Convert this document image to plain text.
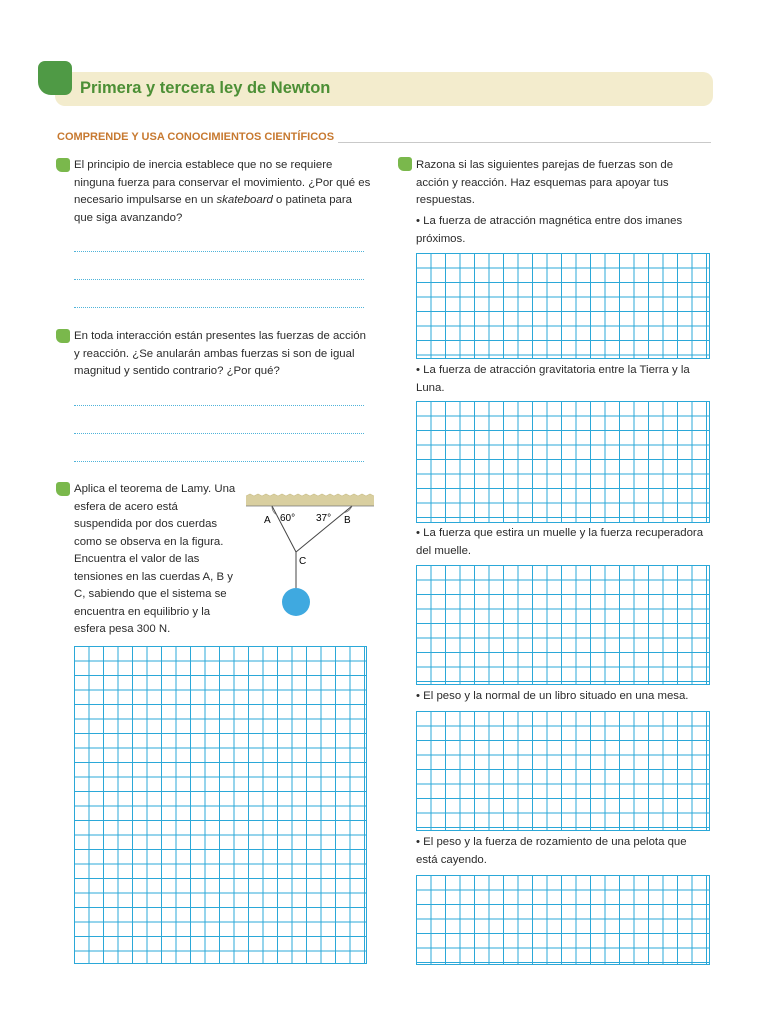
Primera y tercera ley de Newton
COMPRENDE Y USA CONOCIMIENTOS CIENTÍFICOS
El principio de inercia establece que no se requiere ninguna fuerza para conservar el movimiento. ¿Por qué es necesario impulsarse en un skateboard o patineta para que siga avanzando?
En toda interacción están presentes las fuerzas de acción y reacción. ¿Se anularán ambas fuerzas si son de igual magnitud y sentido contrario? ¿Por qué?
Aplica el teorema de Lamy. Una esfera de acero está suspendida por dos cuerdas como se observa en la figura. Encuentra el valor de las tensiones en las cuerdas A, B y C, sabiendo que el sistema se encuentra en equilibrio y la esfera pesa 300 N.
A 60° 37° B
C
Razona si las siguientes parejas de fuerzas son de acción y reacción. Haz esquemas para apoyar tus respuestas.
• La fuerza de atracción magnética entre dos imanes próximos.
• La fuerza de atracción gravitatoria entre la Tierra y la Luna.
• La fuerza que estira un muelle y la fuerza recuperadora del muelle.
• El peso y la normal de un libro situado en una mesa.
• El peso y la fuerza de rozamiento de una pelota que está cayendo.
